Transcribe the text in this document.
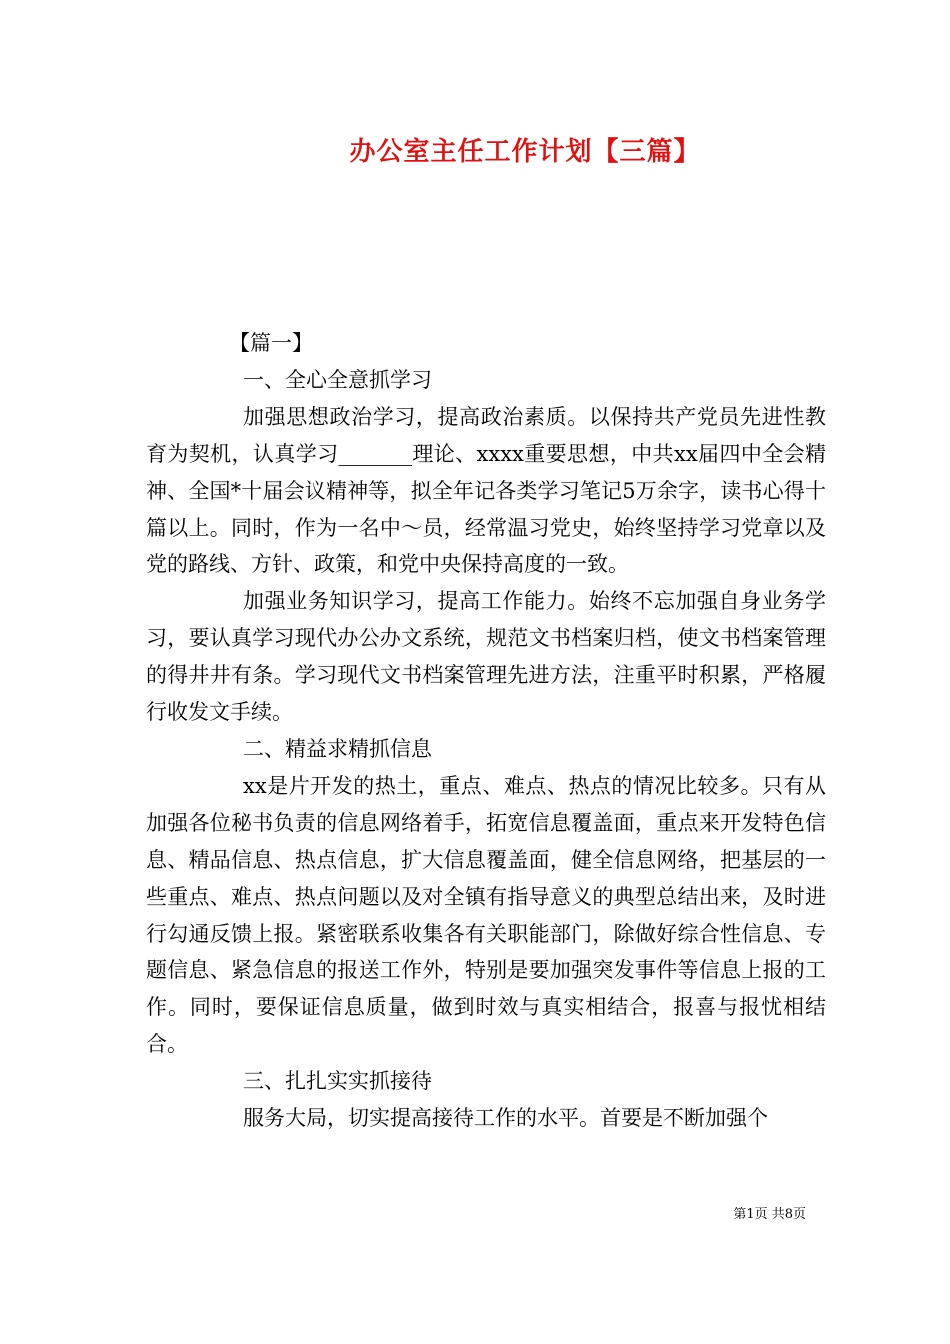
办公室主任工作计划【三篇】

【篇一】

一、全心全意抓学习

加强思想政治学习，提高政治素质。以保持共产党员先进性教育为契机，认真学习_______理论、xxxx重要思想，中共xx届四中全会精神、全国*十届会议精神等，拟全年记各类学习笔记5万余字，读书心得十篇以上。同时，作为一名中～员，经常温习党史，始终坚持学习党章以及党的路线、方针、政策，和党中央保持高度的一致。

加强业务知识学习，提高工作能力。始终不忘加强自身业务学习，要认真学习现代办公办文系统，规范文书档案归档，使文书档案管理的得井井有条。学习现代文书档案管理先进方法，注重平时积累，严格履行收发文手续。

二、精益求精抓信息

xx是片开发的热土，重点、难点、热点的情况比较多。只有从加强各位秘书负责的信息网络着手，拓宽信息覆盖面，重点来开发特色信息、精品信息、热点信息，扩大信息覆盖面，健全信息网络，把基层的一些重点、难点、热点问题以及对全镇有指导意义的典型总结出来，及时进行勾通反馈上报。紧密联系收集各有关职能部门，除做好综合性信息、专题信息、紧急信息的报送工作外，特别是要加强突发事件等信息上报的工作。同时，要保证信息质量，做到时效与真实相结合，报喜与报忧相结合。

三、扎扎实实抓接待

服务大局，切实提高接待工作的水平。首要是不断加强个

第1页 共8页
